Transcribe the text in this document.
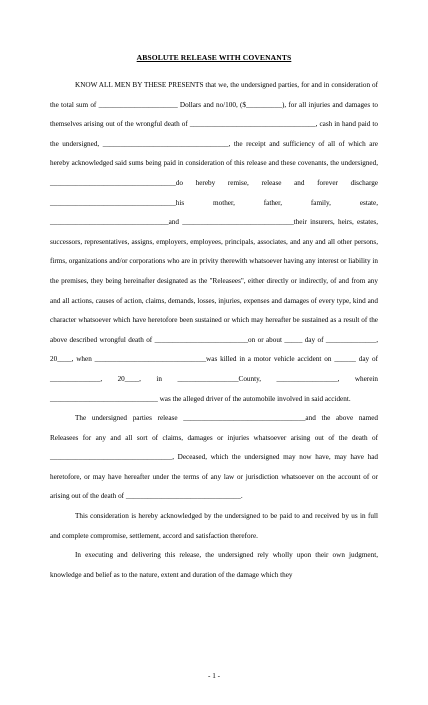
ABSOLUTE RELEASE WITH COVENANTS

KNOW ALL MEN BY THESE PRESENTS that we, the undersigned parties, for and in consideration of the total sum of ______________________ Dollars and no/100, ($__________), for all injuries and damages to themselves arising out of the wrongful death of ___________________________________, cash in hand paid to the undersigned, ___________________________________, the receipt and sufficiency of all of which are hereby acknowledged said sums being paid in consideration of this release and these covenants, the undersigned, ___________________________________do hereby remise, release and forever discharge ___________________________________his mother, father, family, estate, _________________________________and _______________________________their insurers, heirs, estates, successors, representatives, assigns, employers, employees, principals, associates, and any and all other persons, firms, organizations and/or corporations who are in privity therewith whatsoever having any interest or liability in the premises, they being hereinafter designated as the "Releasees", either directly or indirectly, of and from any and all actions, causes of action, claims, demands, losses, injuries, expenses and damages of every type, kind and character whatsoever which have heretofore been sustained or which may hereafter be sustained as a result of the above described wrongful death of __________________________on or about _____ day of ______________, 20____, when _______________________________was killed in a motor vehicle accident on ______ day of ______________, 20____, in _________________County, _________________, wherein ______________________________ was the alleged driver of the automobile involved in said accident.

The undersigned parties release __________________________________and the above named Releasees for any and all sort of claims, damages or injuries whatsoever arising out of the death of __________________________________, Deceased, which the undersigned may now have, may have had heretofore, or may have hereafter under the terms of any law or jurisdiction whatsoever on the account of or arising out of the death of ________________________________.

This consideration is hereby acknowledged by the undersigned to be paid to and received by us in full and complete compromise, settlement, accord and satisfaction therefore.

In executing and delivering this release, the undersigned rely wholly upon their own judgment, knowledge and belief as to the nature, extent and duration of the damage which they

- 1 -
